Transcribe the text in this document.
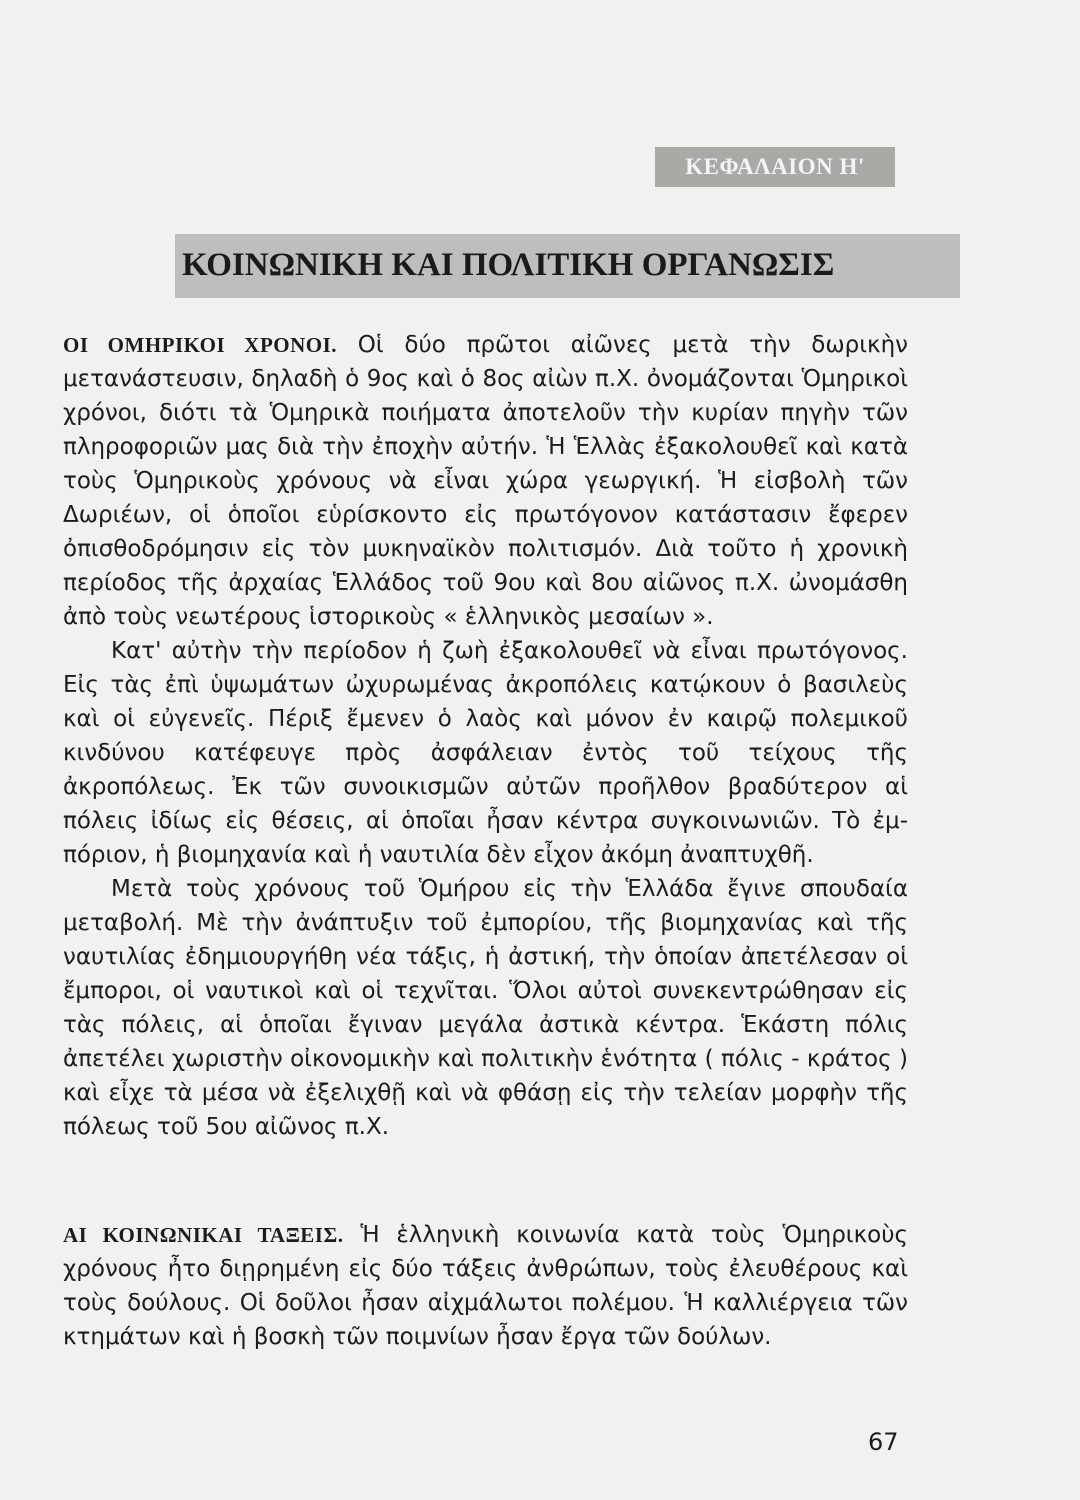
ΚΕΦΑΛΑΙΟΝ Η'
ΚΟΙΝΩΝΙΚΗ ΚΑΙ ΠΟΛΙΤΙΚΗ ΟΡΓΑΝΩΣΙΣ

ΟΙ ΟΜΗΡΙΚΟΙ ΧΡΟΝΟΙ. Οἱ δύο πρῶτοι αἰῶνες μετὰ τὴν δωρικὴν μετανάστευσιν, δηλαδὴ ὁ 9ος καὶ ὁ 8ος αἰὼν π.Χ. ὀνομάζονται Ὁμηρικοὶ χρόνοι, διότι τὰ Ὁμηρικὰ ποιήματα ἀποτελοῦν τὴν κυρίαν πηγὴν τῶν πληροφοριῶν μας διὰ τὴν ἐποχὴν αὐτήν. Ἡ Ἑλλὰς ἐξακολουθεῖ καὶ κατὰ τοὺς Ὁμηρικοὺς χρόνους νὰ εἶναι χώρα γεωργική. Ἡ εἰσβολὴ τῶν Δωριέων, οἱ ὁποῖοι εὑρίσκοντο εἰς πρωτόγονον κατάστασιν ἔφερεν ὀπισθοδρόμησιν εἰς τὸν μυκηναϊκὸν πολιτισμόν. Διὰ τοῦτο ἡ χρονικὴ περίοδος τῆς ἀρχαίας Ἑλλάδος τοῦ 9ου καὶ 8ου αἰῶνος π.Χ. ὠνομάσθη ἀπὸ τοὺς νεωτέρους ἱστορικοὺς « ἑλληνικὸς μεσαίων ».

Κατ' αὐτὴν τὴν περίοδον ἡ ζωὴ ἐξακολουθεῖ νὰ εἶναι πρωτόγονος. Εἰς τὰς ἐπὶ ὑψωμάτων ὠχυρωμένας ἀκροπόλεις κατῴκουν ὁ βασιλεὺς καὶ οἱ εὐγενεῖς. Πέριξ ἔμενεν ὁ λαὸς καὶ μόνον ἐν καιρῷ πολεμικοῦ κινδύνου κατέφευγε πρὸς ἀσφάλειαν ἐντὸς τοῦ τείχους τῆς ἀκροπόλεως. Ἐκ τῶν συνοικισμῶν αὐτῶν προῆλθον βραδύτερον αἱ πόλεις ἰδίως εἰς θέσεις, αἱ ὁποῖαι ἦσαν κέντρα συγκοινωνιῶν. Τὸ ἐμπόριον, ἡ βιομηχανία καὶ ἡ ναυτιλία δὲν εἶχον ἀκόμη ἀναπτυχθῆ.

Μετὰ τοὺς χρόνους τοῦ Ὁμήρου εἰς τὴν Ἑλλάδα ἔγινε σπουδαία μεταβολή. Μὲ τὴν ἀνάπτυξιν τοῦ ἐμπορίου, τῆς βιομηχανίας καὶ τῆς ναυτιλίας ἐδημιουργήθη νέα τάξις, ἡ ἀστική, τὴν ὁποίαν ἀπετέλεσαν οἱ ἔμποροι, οἱ ναυτικοὶ καὶ οἱ τεχνῖται. Ὅλοι αὐτοὶ συνεκεντρώθησαν εἰς τὰς πόλεις, αἱ ὁποῖαι ἔγιναν μεγάλα ἀστικὰ κέντρα. Ἑκάστη πόλις ἀπετέλει χωριστὴν οἰκονομικὴν καὶ πολιτικὴν ἑνότητα ( πόλις - κράτος ) καὶ εἶχε τὰ μέσα νὰ ἐξελιχθῇ καὶ νὰ φθάσῃ εἰς τὴν τελείαν μορφὴν τῆς πόλεως τοῦ 5ου αἰῶνος π.Χ.

ΑΙ ΚΟΙΝΩΝΙΚΑΙ ΤΑΞΕΙΣ. Ἡ ἑλληνικὴ κοινωνία κατὰ τοὺς Ὁμηρικοὺς χρόνους ἦτο διῃρημένη εἰς δύο τάξεις ἀνθρώπων, τοὺς ἐλευθέρους καὶ τοὺς δούλους. Οἱ δοῦλοι ἦσαν αἰχμάλωτοι πολέμου. Ἡ καλλιέργεια τῶν κτημάτων καὶ ἡ βοσκὴ τῶν ποιμνίων ἦσαν ἔργα τῶν δούλων.

67
